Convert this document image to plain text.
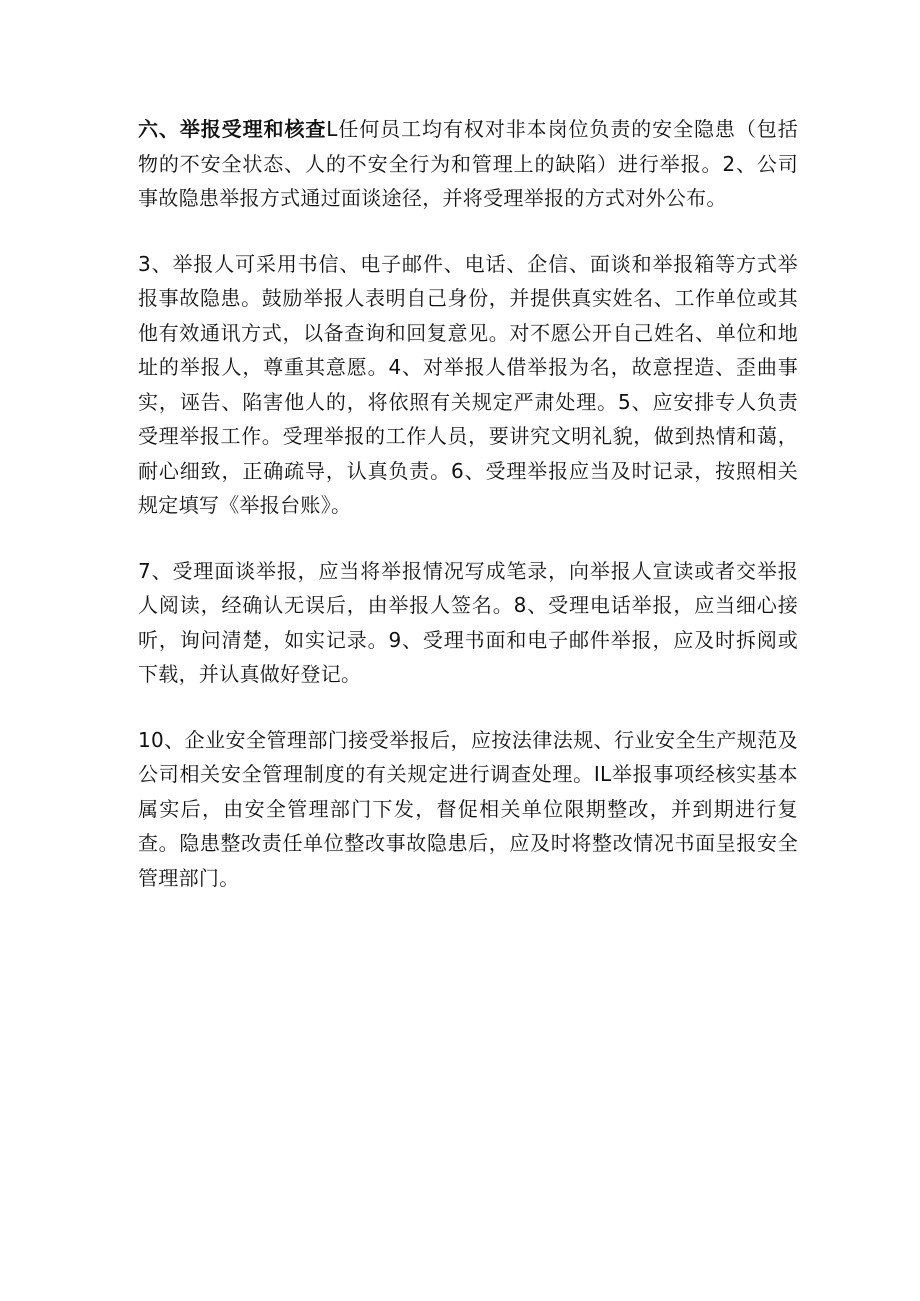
六、举报受理和核查L任何员工均有权对非本岗位负责的安全隐患（包括物的不安全状态、人的不安全行为和管理上的缺陷）进行举报。2、公司事故隐患举报方式通过面谈途径，并将受理举报的方式对外公布。

3、举报人可采用书信、电子邮件、电话、企信、面谈和举报箱等方式举报事故隐患。鼓励举报人表明自己身份，并提供真实姓名、工作单位或其他有效通讯方式，以备查询和回复意见。对不愿公开自己姓名、单位和地址的举报人，尊重其意愿。4、对举报人借举报为名，故意捏造、歪曲事实，诬告、陷害他人的，将依照有关规定严肃处理。5、应安排专人负责受理举报工作。受理举报的工作人员，要讲究文明礼貌，做到热情和蔼，耐心细致，正确疏导，认真负责。6、受理举报应当及时记录，按照相关规定填写《举报台账》。

7、受理面谈举报，应当将举报情况写成笔录，向举报人宣读或者交举报人阅读，经确认无误后，由举报人签名。8、受理电话举报，应当细心接听，询问清楚，如实记录。9、受理书面和电子邮件举报，应及时拆阅或下载，并认真做好登记。

10、企业安全管理部门接受举报后，应按法律法规、行业安全生产规范及公司相关安全管理制度的有关规定进行调查处理。IL举报事项经核实基本属实后，由安全管理部门下发，督促相关单位限期整改，并到期进行复查。隐患整改责任单位整改事故隐患后，应及时将整改情况书面呈报安全管理部门。
